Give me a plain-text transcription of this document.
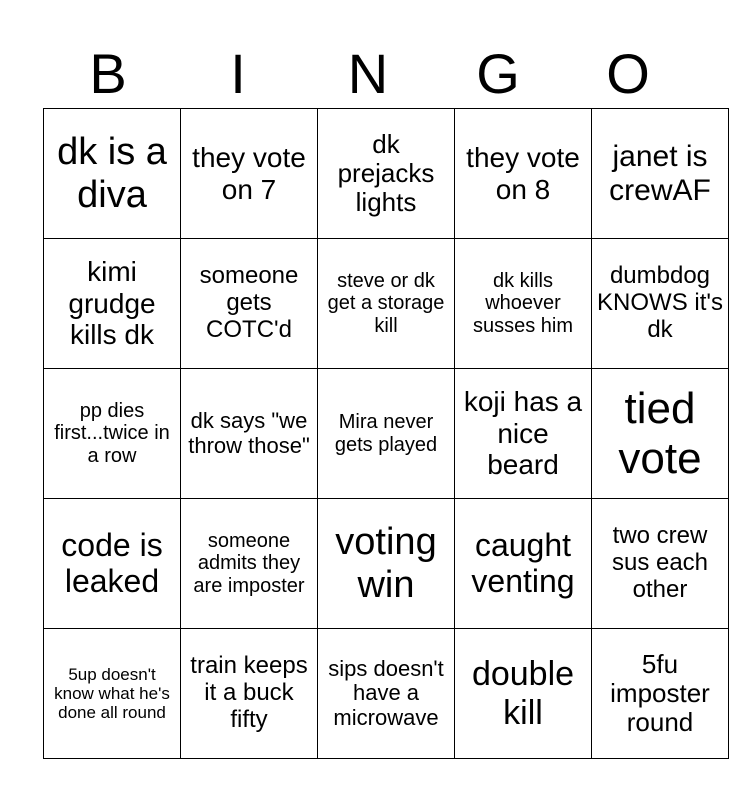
B	I	N	G	O
dk is a diva	they vote on 7	dk prejacks lights	they vote on 8	janet is crewAF
kimi grudge kills dk	someone gets COTC'd	steve or dk get a storage kill	dk kills whoever susses him	dumbdog KNOWS it's dk
pp dies first...twice in a row	dk says "we throw those"	Mira never gets played	koji has a nice beard	tied vote
code is leaked	someone admits they are imposter	voting win	caught venting	two crew sus each other
5up doesn't know what he's done all round	train keeps it a buck fifty	sips doesn't have a microwave	double kill	5fu imposter round
